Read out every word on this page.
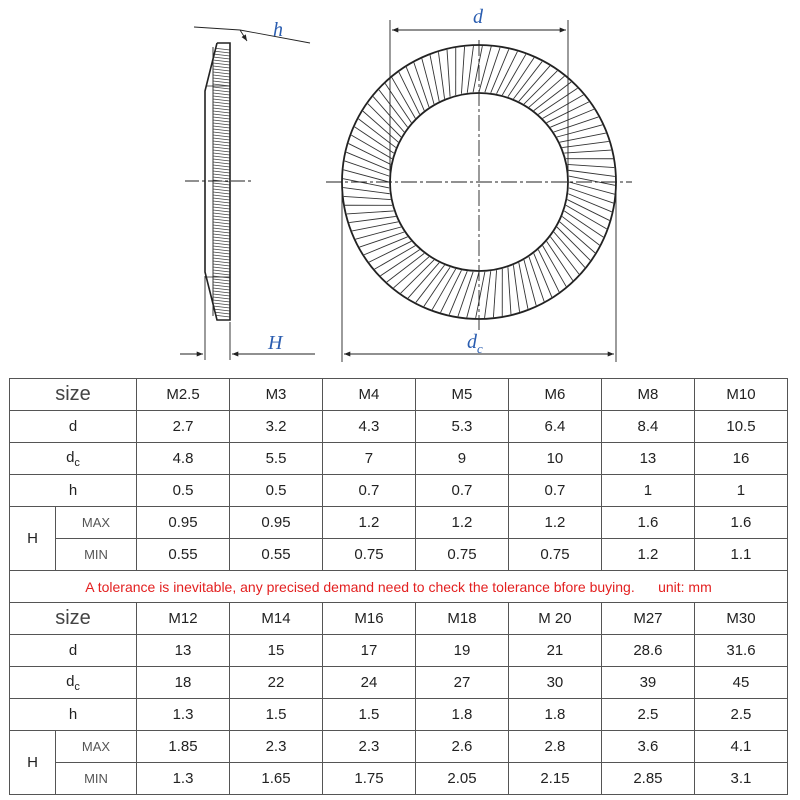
h
H
d
$d_c$
size		M2.5	M3	M4	M5	M6	M8	M10
d		2.7	3.2	4.3	5.3	6.4	8.4	10.5
$d_c$		4.8	5.5	7	9	10	13	16
h		0.5	0.5	0.7	0.7	0.7	1	1
H	MAX	0.95	0.95	1.2	1.2	1.2	1.6	1.6
	MIN	0.55	0.55	0.75	0.75	0.75	1.2	1.1
A tolerance is inevitable, any precised demand need to check the tolerance bfore buying. unit: mm								
size		M12	M14	M16	M18	M 20	M27	M30
d		13	15	17	19	21	28.6	31.6
$d_c$		18	22	24	27	30	39	45
h		1.3	1.5	1.5	1.8	1.8	2.5	2.5
H	MAX	1.85	2.3	2.3	2.6	2.8	3.6	4.1
	MIN	1.3	1.65	1.75	2.05	2.15	2.85	3.1
